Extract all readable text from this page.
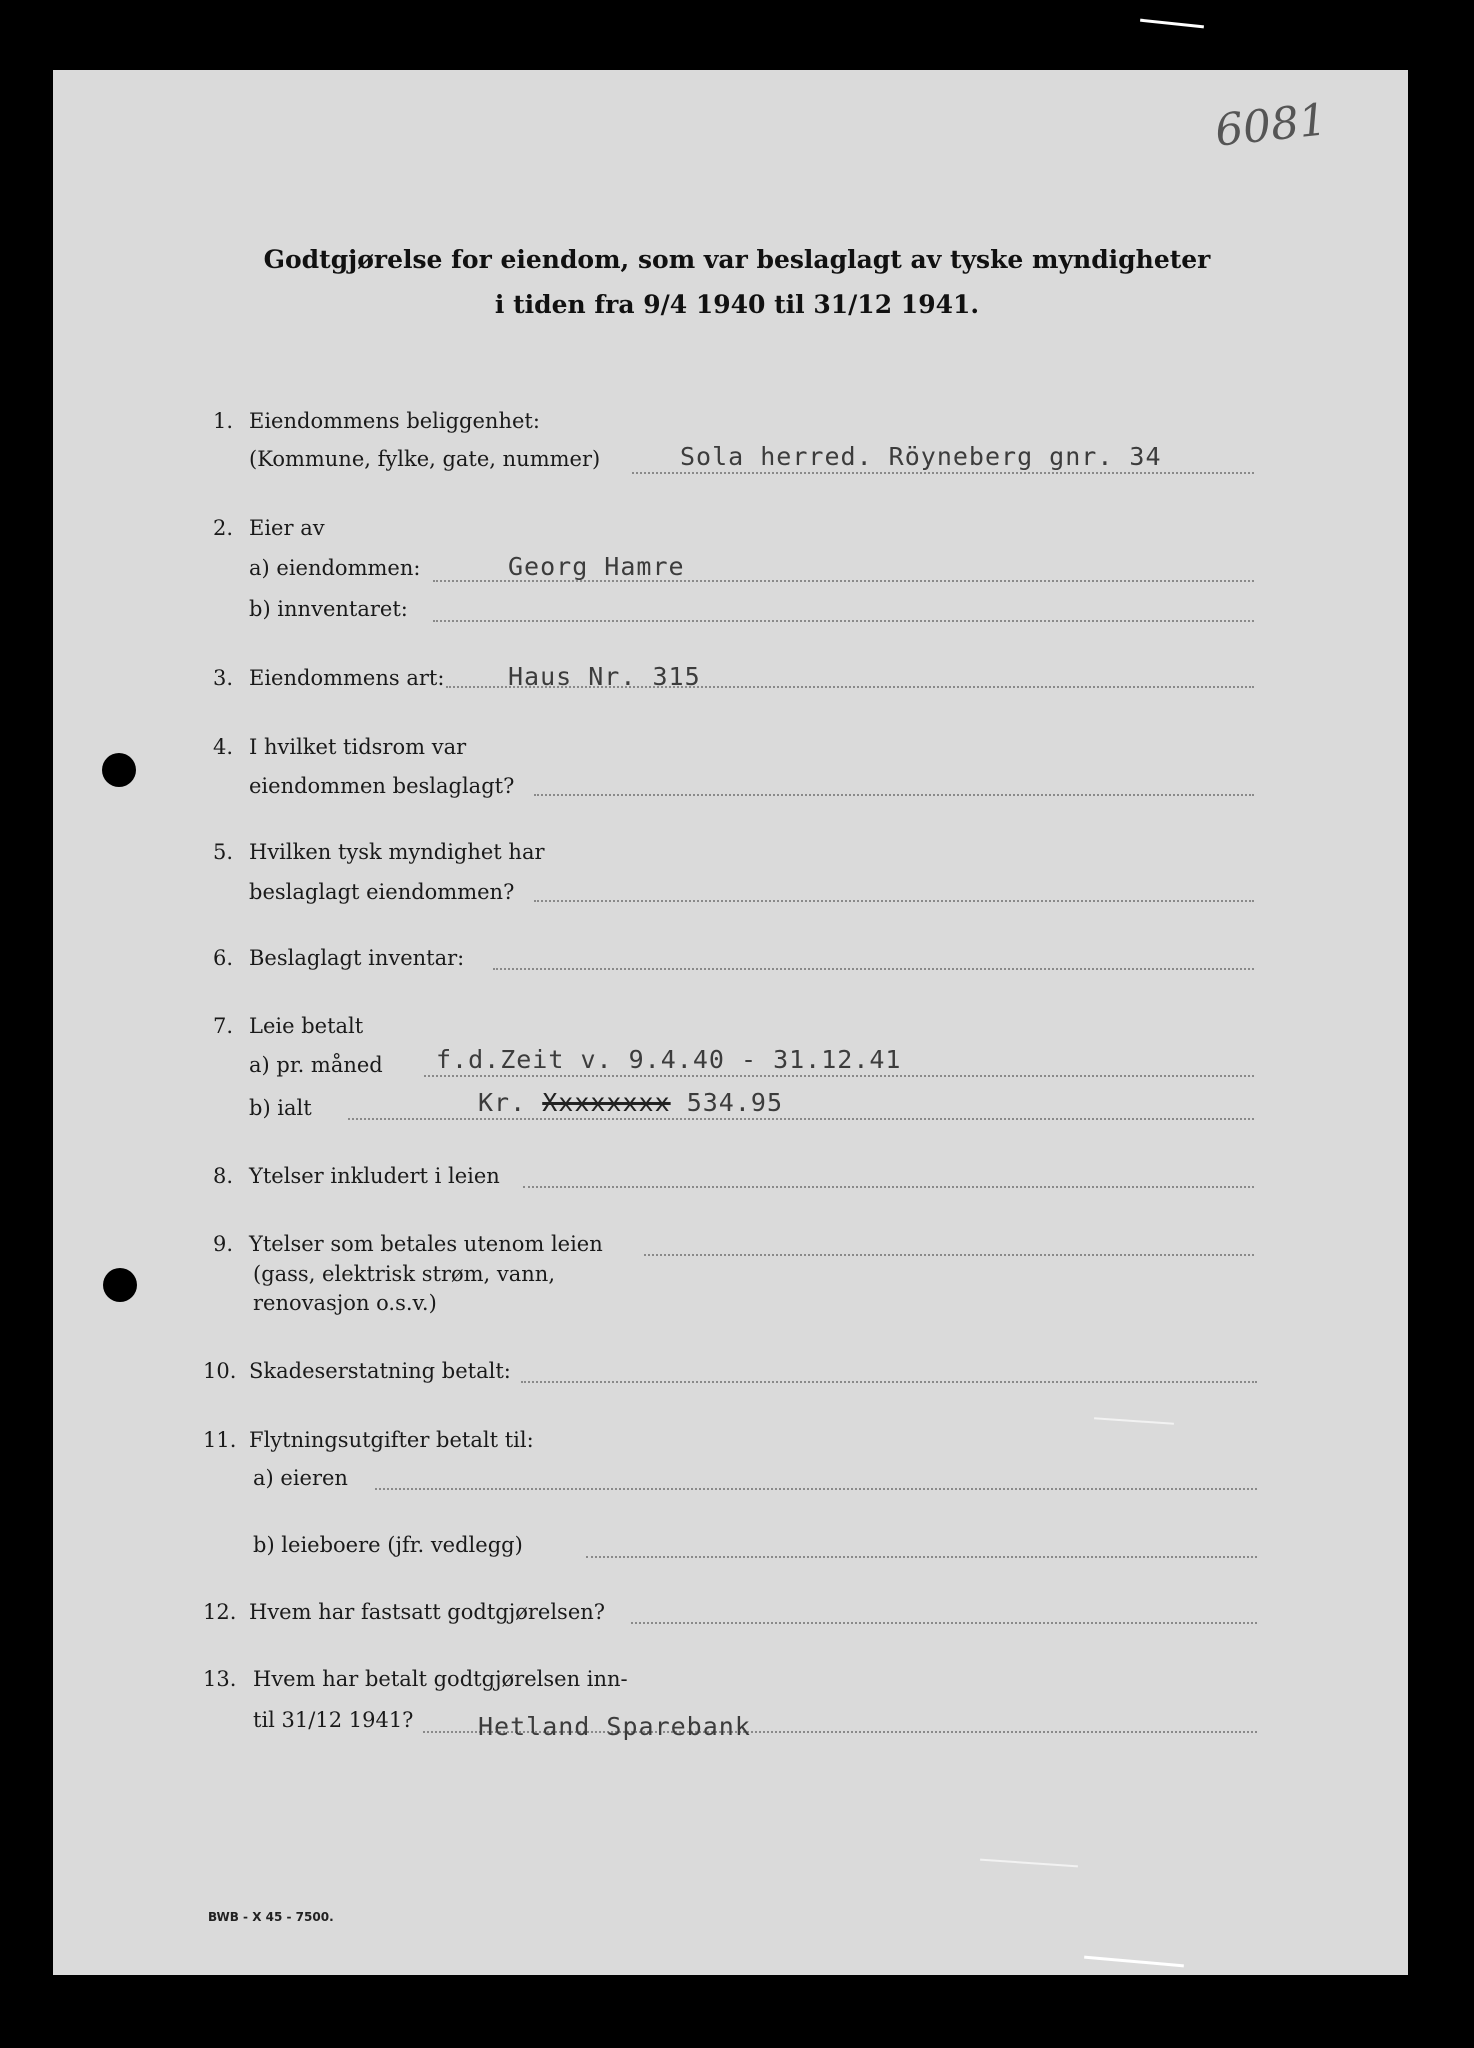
6081
Godtgjørelse for eiendom, som var beslaglagt av tyske myndigheter
i tiden fra 9/4 1940 til 31/12 1941.
1. Eiendommens beliggenhet:
(Kommune, fylke, gate, nummer)	Sola herred. Röyneberg gnr. 34
2. Eier av
a) eiendommen:	Georg Hamre
b) innventaret:
3. Eiendommens art:	Haus Nr. 315
4. I hvilket tidsrom var
eiendommen beslaglagt?
5. Hvilken tysk myndighet har
beslaglagt eiendommen?
6. Beslaglagt inventar:
7. Leie betalt
a) pr. måned f.d.Zeit v. 9.4.40 - 31.12.41
b) ialt	Kr. Xxxxxxxx 534.95
8. Ytelser inkludert i leien
9. Ytelser som betales utenom leien
(gass, elektrisk strøm, vann,
renovasjon o.s.v.)
10. Skadeserstatning betalt:
11. Flytningsutgifter betalt til:
a) eieren
b) leieboere (jfr. vedlegg)
12. Hvem har fastsatt godtgjørelsen?
13. Hvem har betalt godtgjørelsen inn-
til 31/12 1941?	Hetland Sparebank
BWB - X 45 - 7500.
